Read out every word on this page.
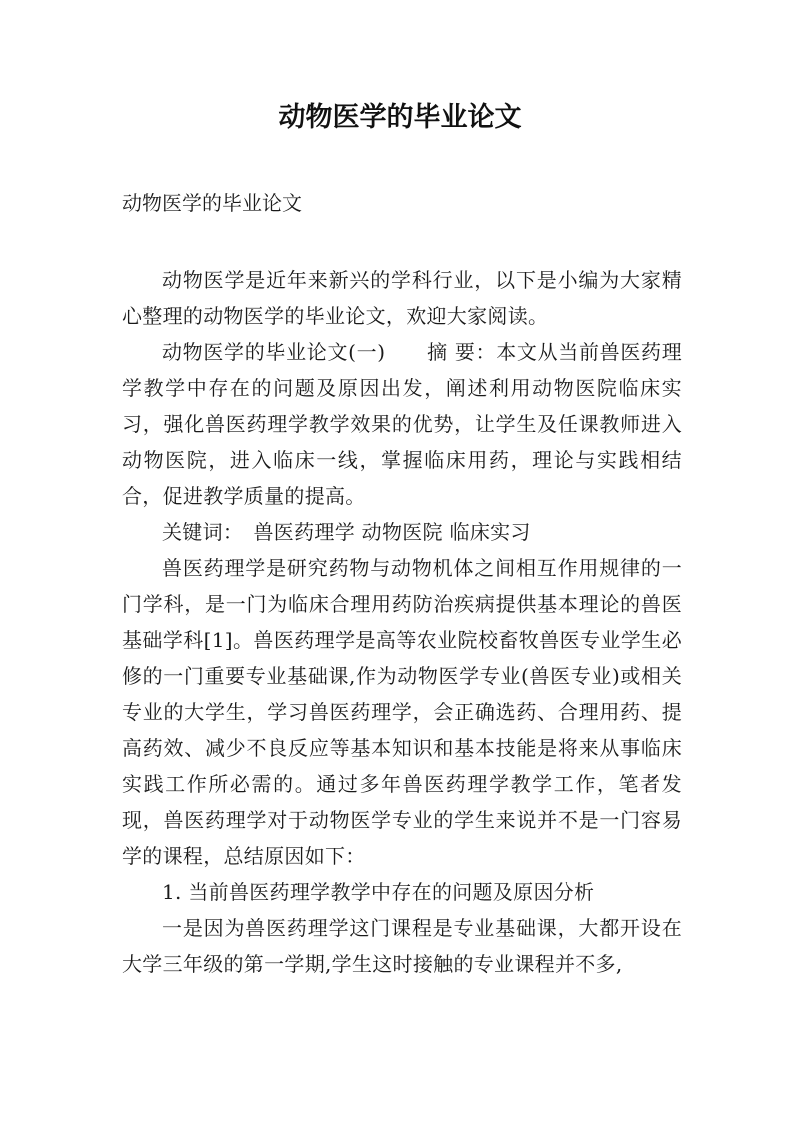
动物医学的毕业论文

动物医学的毕业论文

动物医学是近年来新兴的学科行业，以下是小编为大家精心整理的动物医学的毕业论文，欢迎大家阅读。

动物医学的毕业论文(一)　　摘 要：本文从当前兽医药理学教学中存在的问题及原因出发，阐述利用动物医院临床实习，强化兽医药理学教学效果的优势，让学生及任课教师进入动物医院，进入临床一线，掌握临床用药，理论与实践相结合，促进教学质量的提高。

关键词：　兽医药理学 动物医院 临床实习

兽医药理学是研究药物与动物机体之间相互作用规律的一门学科，是一门为临床合理用药防治疾病提供基本理论的兽医基础学科[1]。兽医药理学是高等农业院校畜牧兽医专业学生必修的一门重要专业基础课,作为动物医学专业(兽医专业)或相关专业的大学生，学习兽医药理学，会正确选药、合理用药、提高药效、减少不良反应等基本知识和基本技能是将来从事临床实践工作所必需的。通过多年兽医药理学教学工作，笔者发现，兽医药理学对于动物医学专业的学生来说并不是一门容易学的课程，总结原因如下：

1. 当前兽医药理学教学中存在的问题及原因分析

一是因为兽医药理学这门课程是专业基础课，大都开设在大学三年级的第一学期,学生这时接触的专业课程并不多,
